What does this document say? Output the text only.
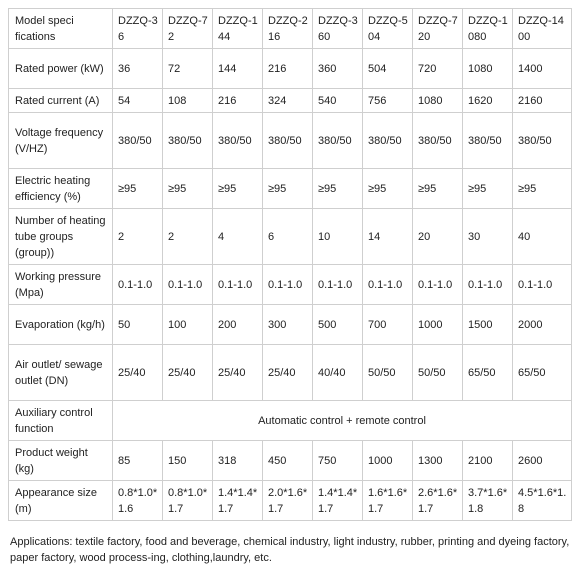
Model speci fications	DZZQ-36	DZZQ-72	DZZQ-144	DZZQ-216	DZZQ-360	DZZQ-504	DZZQ-720	DZZQ-1080	DZZQ-1400
Rated power (kW)	36	72	144	216	360	504	720	1080	1400
Rated current (A)	54	108	216	324	540	756	1080	1620	2160
Voltage frequency (V/HZ)	380/50	380/50	380/50	380/50	380/50	380/50	380/50	380/50	380/50
Electric heating efficiency (%)	≥95	≥95	≥95	≥95	≥95	≥95	≥95	≥95	≥95
Number of heating tube groups (group))	2	2	4	6	10	14	20	30	40
Working pressure (Mpa)	0.1-1.0	0.1-1.0	0.1-1.0	0.1-1.0	0.1-1.0	0.1-1.0	0.1-1.0	0.1-1.0	0.1-1.0
Evaporation (kg/h)	50	100	200	300	500	700	1000	1500	2000
Air outlet/ sewage outlet (DN)	25/40	25/40	25/40	25/40	40/40	50/50	50/50	65/50	65/50
Auxiliary control function	Automatic control + remote control								
Product weight (kg)	85	150	318	450	750	1000	1300	2100	2600
Appearance size (m)	0.8*1.0*1.6	0.8*1.0*1.7	1.4*1.4*1.7	2.0*1.6*1.7	1.4*1.4*1.7	1.6*1.6*1.7	2.6*1.6*1.7	3.7*1.6*1.8	4.5*1.6*1.8
Applications: textile factory, food and beverage, chemical industry, light industry, rubber, printing and dyeing factory, paper factory, wood process-ing, clothing,laundry, etc.
